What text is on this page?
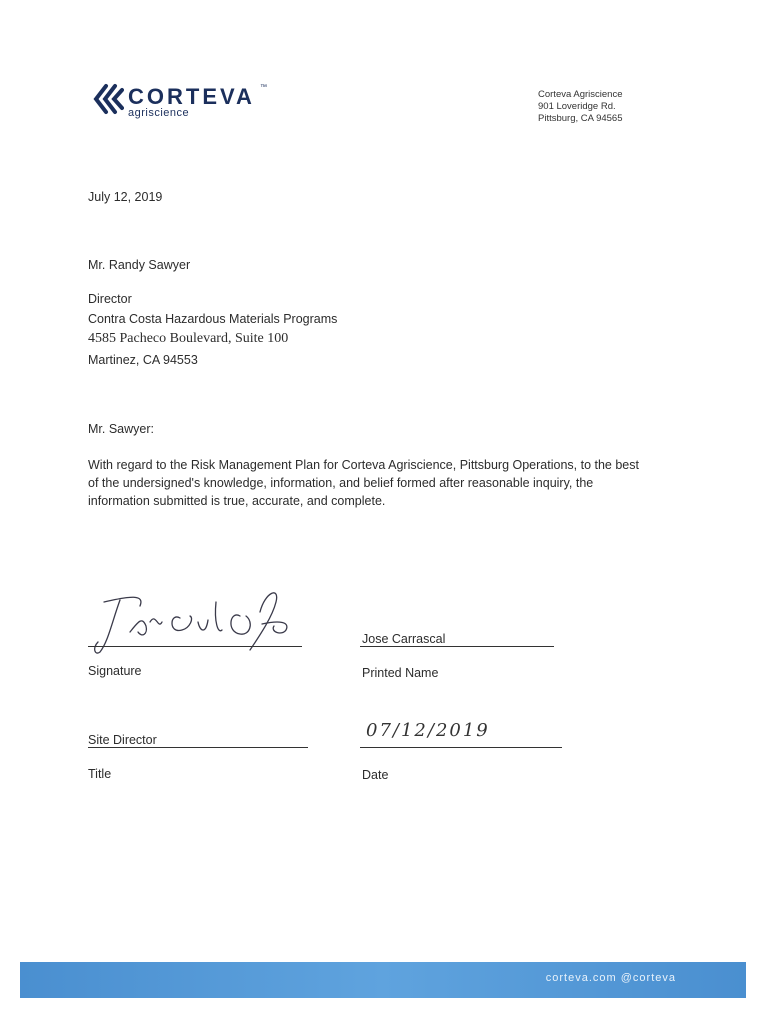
CORTEVA ™
agriscience
Corteva Agriscience
901 Loveridge Rd.
Pittsburg, CA 94565
July 12, 2019
Mr. Randy Sawyer
Director
Contra Costa Hazardous Materials Programs
4585 Pacheco Boulevard, Suite 100
Martinez, CA 94553
Mr. Sawyer:
With regard to the Risk Management Plan for Corteva Agriscience, Pittsburg Operations, to the best of the undersigned's knowledge, information, and belief formed after reasonable inquiry, the information submitted is true, accurate, and complete.
Signature
Jose Carrascal
Printed Name
Site Director
Title
07/12/2019
Date
corteva.com @corteva
